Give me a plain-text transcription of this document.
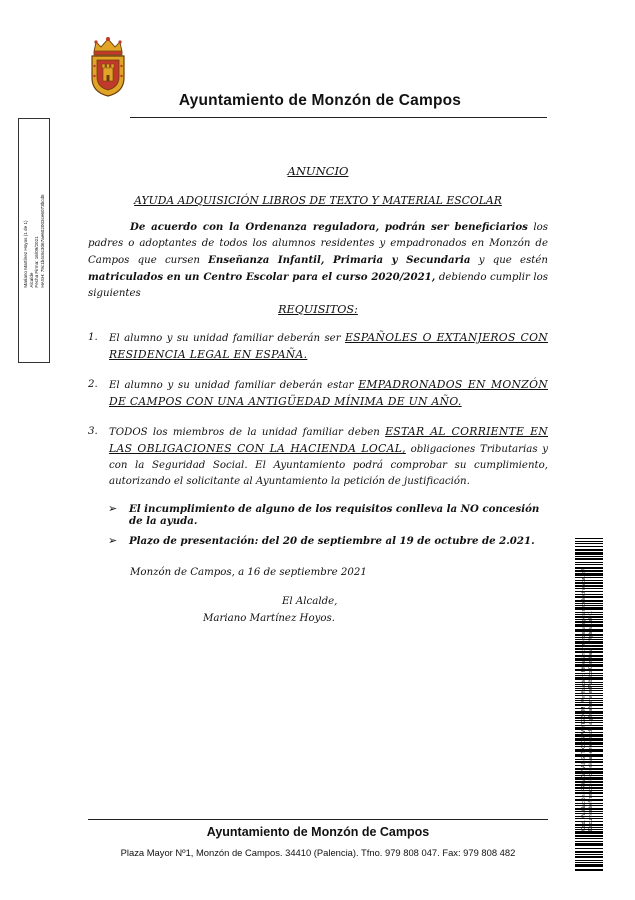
Ayuntamiento de Monzón de Campos
Mariano Martínez Hoyos (1 de 1) Alcalde Fecha Firma: 16/09/2021 HASH: 79c1b4c6c3067ae602003ce6073bcd5
ANUNCIO
AYUDA ADQUISICIÓN LIBROS DE TEXTO Y MATERIAL ESCOLAR
De acuerdo con la Ordenanza reguladora, podrán ser beneficiarios los padres o adoptantes de todos los alumnos residentes y empadronados en Monzón de Campos que cursen Enseñanza Infantil, Primaria y Secundaria y que estén matriculados en un Centro Escolar para el curso 2020/2021, debiendo cumplir los siguientes
REQUISITOS:
1. El alumno y su unidad familiar deberán ser ESPAÑOLES O EXTANJEROS CON RESIDENCIA LEGAL EN ESPAÑA.
2. El alumno y su unidad familiar deberán estar EMPADRONADOS EN MONZÓN DE CAMPOS CON UNA ANTIGÜEDAD MÍNIMA DE UN AÑO.
3. TODOS los miembros de la unidad familiar deben ESTAR AL CORRIENTE EN LAS OBLIGACIONES CON LA HACIENDA LOCAL, obligaciones Tributarias y con la Seguridad Social. El Ayuntamiento podrá comprobar su cumplimiento, autorizando el solicitante al Ayuntamiento la petición de justificación.
➢ El incumplimiento de alguno de los requisitos conlleva la NO concesión de la ayuda.
➢ Plazo de presentación: del 20 de septiembre al 19 de octubre de 2.021.
Monzón de Campos, a 16 de septiembre 2021
El Alcalde,
Mariano Martínez Hoyos.	Cód. Validación: RFWZWYAGSTTX3CHPWYK73CM | Verificación: https://monzondecampos.sedelectronica.es/ Documento firmado electrónicamente desde la plataforma esPublico Gestiona | Página 1 de 1
Ayuntamiento de Monzón de Campos
Plaza Mayor Nº1, Monzón de Campos. 34410 (Palencia). Tfno. 979 808 047. Fax: 979 808 482
